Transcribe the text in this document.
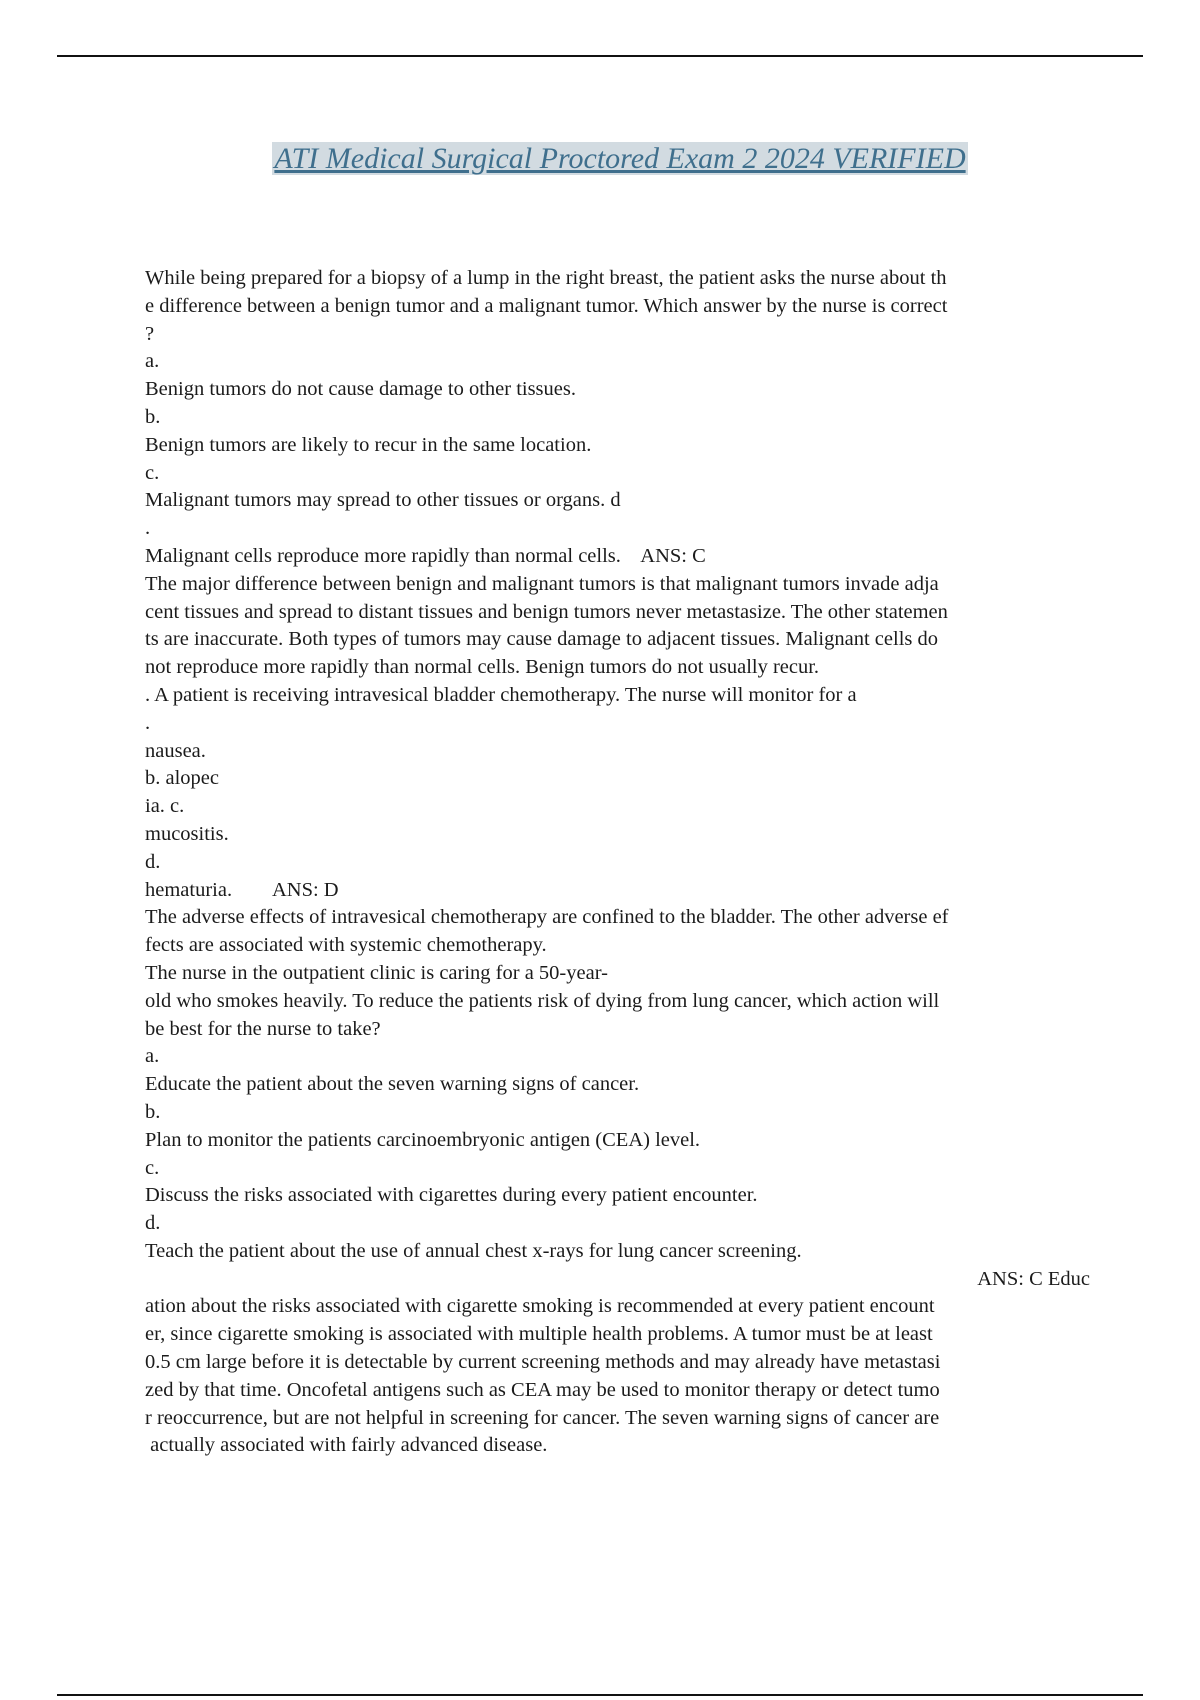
ATI Medical Surgical Proctored Exam 2 2024 VERIFIED
While being prepared for a biopsy of a lump in the right breast, the patient asks the nurse about th
e difference between a benign tumor and a malignant tumor. Which answer by the nurse is correct
?
a.
Benign tumors do not cause damage to other tissues.
b.
Benign tumors are likely to recur in the same location.
c.
Malignant tumors may spread to other tissues or organs. d
.
Malignant cells reproduce more rapidly than normal cells.    ANS: C
The major difference between benign and malignant tumors is that malignant tumors invade adja
cent tissues and spread to distant tissues and benign tumors never metastasize. The other statemen
ts are inaccurate. Both types of tumors may cause damage to adjacent tissues. Malignant cells do
not reproduce more rapidly than normal cells. Benign tumors do not usually recur.
. A patient is receiving intravesical bladder chemotherapy. The nurse will monitor for a
.
nausea.
b. alopec
ia. c.
mucositis.
d.
hematuria.        ANS: D
The adverse effects of intravesical chemotherapy are confined to the bladder. The other adverse ef
fects are associated with systemic chemotherapy.
The nurse in the outpatient clinic is caring for a 50-year-
old who smokes heavily. To reduce the patients risk of dying from lung cancer, which action will
be best for the nurse to take?
a.
Educate the patient about the seven warning signs of cancer.
b.
Plan to monitor the patients carcinoembryonic antigen (CEA) level.
c.
Discuss the risks associated with cigarettes during every patient encounter.
d.
Teach the patient about the use of annual chest x-rays for lung cancer screening.
ANS: C Educ
ation about the risks associated with cigarette smoking is recommended at every patient encount
er, since cigarette smoking is associated with multiple health problems. A tumor must be at least
0.5 cm large before it is detectable by current screening methods and may already have metastasi
zed by that time. Oncofetal antigens such as CEA may be used to monitor therapy or detect tumo
r reoccurrence, but are not helpful in screening for cancer. The seven warning signs of cancer are
actually associated with fairly advanced disease.
